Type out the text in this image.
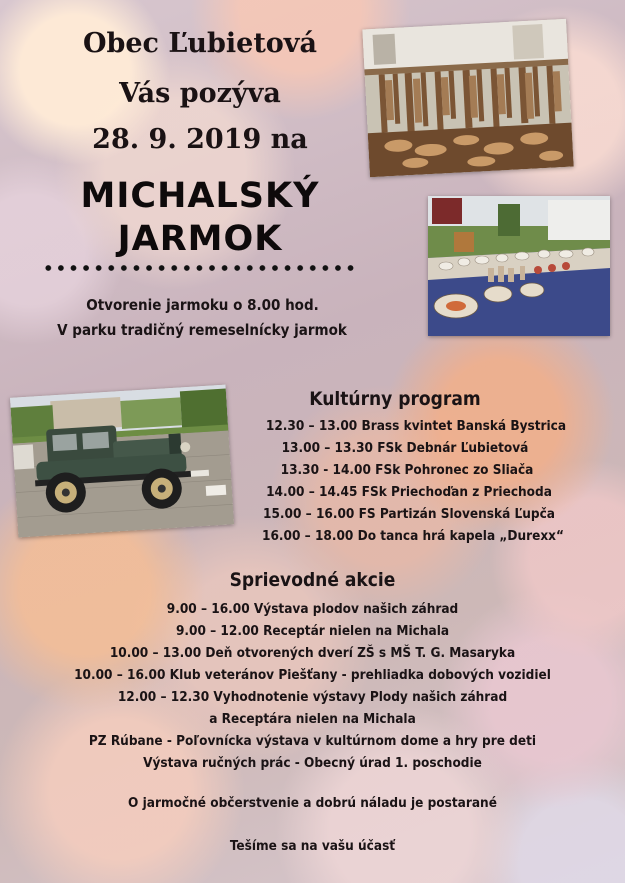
Obec Ľubietová
Vás pozýva
28. 9. 2019 na
MICHALSKÝ
JARMOK
Otvorenie jarmoku o 8.00 hod.
V parku tradičný remeselnícky jarmok
Kultúrny program
12.30 – 13.00 Brass kvintet Banská Bystrica
13.00 – 13.30 FSk Debnár Ľubietová
13.30 - 14.00 FSk Pohronec zo Sliača
14.00 – 14.45 FSk Priechoďan z Priechoda
15.00 – 16.00 FS Partizán Slovenská Ľupča
16.00 – 18.00 Do tanca hrá kapela „Durexx“
Sprievodné akcie
9.00 – 16.00 Výstava plodov našich záhrad
9.00 – 12.00 Receptár nielen na Michala
10.00 – 13.00 Deň otvorených dverí ZŠ s MŠ T. G. Masaryka
10.00 – 16.00 Klub veteránov Piešťany - prehliadka dobových vozidiel
12.00 – 12.30 Vyhodnotenie výstavy Plody našich záhrad
a Receptára nielen na Michala
PZ Rúbane - Poľovnícka výstava v kultúrnom dome a hry pre deti
Výstava ručných prác - Obecný úrad 1. poschodie
O jarmočné občerstvenie a dobrú náladu je postarané
Tešíme sa na vašu účasť
